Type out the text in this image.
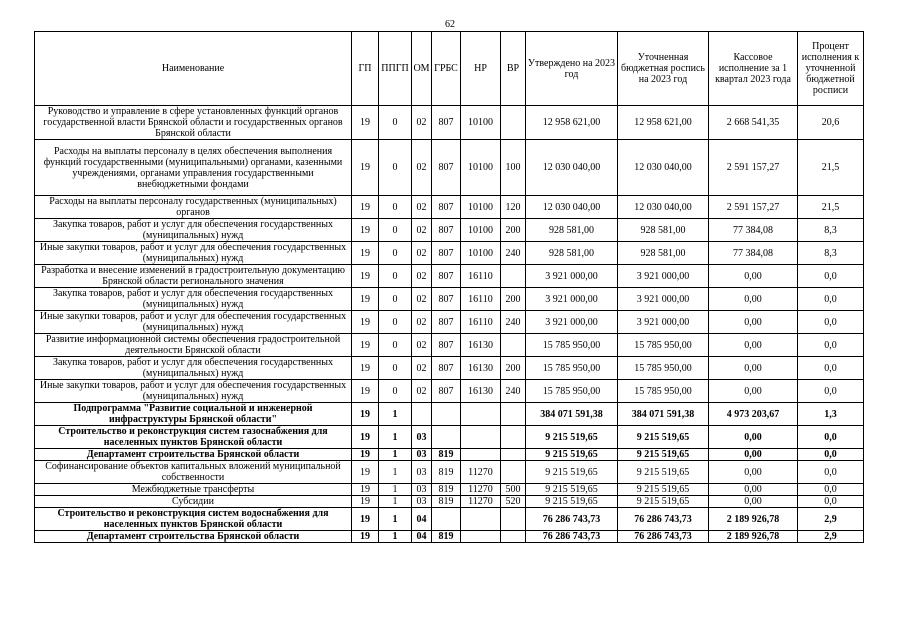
62
Наименование	ГП	ППГП	ОМ	ГРБС	НР	ВР	Утверждено на 2023 год	Уточненная бюджетная роспись на 2023 год	Кассовое исполнение за 1 квартал 2023 года	Процент исполнения к уточненной бюджетной росписи
Руководство и управление в сфере установленных функций органов государственной власти Брянской области и государственных органов Брянской области	19	0	02	807	10100		12 958 621,00	12 958 621,00	2 668 541,35	20,6
Расходы на выплаты персоналу в целях обеспечения выполнения функций государственными (муниципальными) органами, казенными учреждениями, органами управления государственными внебюджетными фондами	19	0	02	807	10100	100	12 030 040,00	12 030 040,00	2 591 157,27	21,5
Расходы на выплаты персоналу государственных (муниципальных) органов	19	0	02	807	10100	120	12 030 040,00	12 030 040,00	2 591 157,27	21,5
Закупка товаров, работ и услуг для обеспечения государственных (муниципальных) нужд	19	0	02	807	10100	200	928 581,00	928 581,00	77 384,08	8,3
Иные закупки товаров, работ и услуг для обеспечения государственных (муниципальных) нужд	19	0	02	807	10100	240	928 581,00	928 581,00	77 384,08	8,3
Разработка и внесение изменений в градостроительную документацию Брянской области регионального значения	19	0	02	807	16110		3 921 000,00	3 921 000,00	0,00	0,0
Закупка товаров, работ и услуг для обеспечения государственных (муниципальных) нужд	19	0	02	807	16110	200	3 921 000,00	3 921 000,00	0,00	0,0
Иные закупки товаров, работ и услуг для обеспечения государственных (муниципальных) нужд	19	0	02	807	16110	240	3 921 000,00	3 921 000,00	0,00	0,0
Развитие информационной системы обеспечения градостроительной деятельности Брянской области	19	0	02	807	16130		15 785 950,00	15 785 950,00	0,00	0,0
Закупка товаров, работ и услуг для обеспечения государственных (муниципальных) нужд	19	0	02	807	16130	200	15 785 950,00	15 785 950,00	0,00	0,0
Иные закупки товаров, работ и услуг для обеспечения государственных (муниципальных) нужд	19	0	02	807	16130	240	15 785 950,00	15 785 950,00	0,00	0,0
Подпрограмма "Развитие социальной и инженерной инфраструктуры Брянской области"	19	1					384 071 591,38	384 071 591,38	4 973 203,67	1,3
Строительство и реконструкция систем газоснабжения для населенных пунктов Брянской области	19	1	03				9 215 519,65	9 215 519,65	0,00	0,0
Департамент строительства Брянской области	19	1	03	819			9 215 519,65	9 215 519,65	0,00	0,0
Софинансирование объектов капитальных вложений муниципальной собственности	19	1	03	819	11270		9 215 519,65	9 215 519,65	0,00	0,0
Межбюджетные трансферты	19	1	03	819	11270	500	9 215 519,65	9 215 519,65	0,00	0,0
Субсидии	19	1	03	819	11270	520	9 215 519,65	9 215 519,65	0,00	0,0
Строительство и реконструкция систем водоснабжения для населенных пунктов Брянской области	19	1	04				76 286 743,73	76 286 743,73	2 189 926,78	2,9
Департамент строительства Брянской области	19	1	04	819			76 286 743,73	76 286 743,73	2 189 926,78	2,9
